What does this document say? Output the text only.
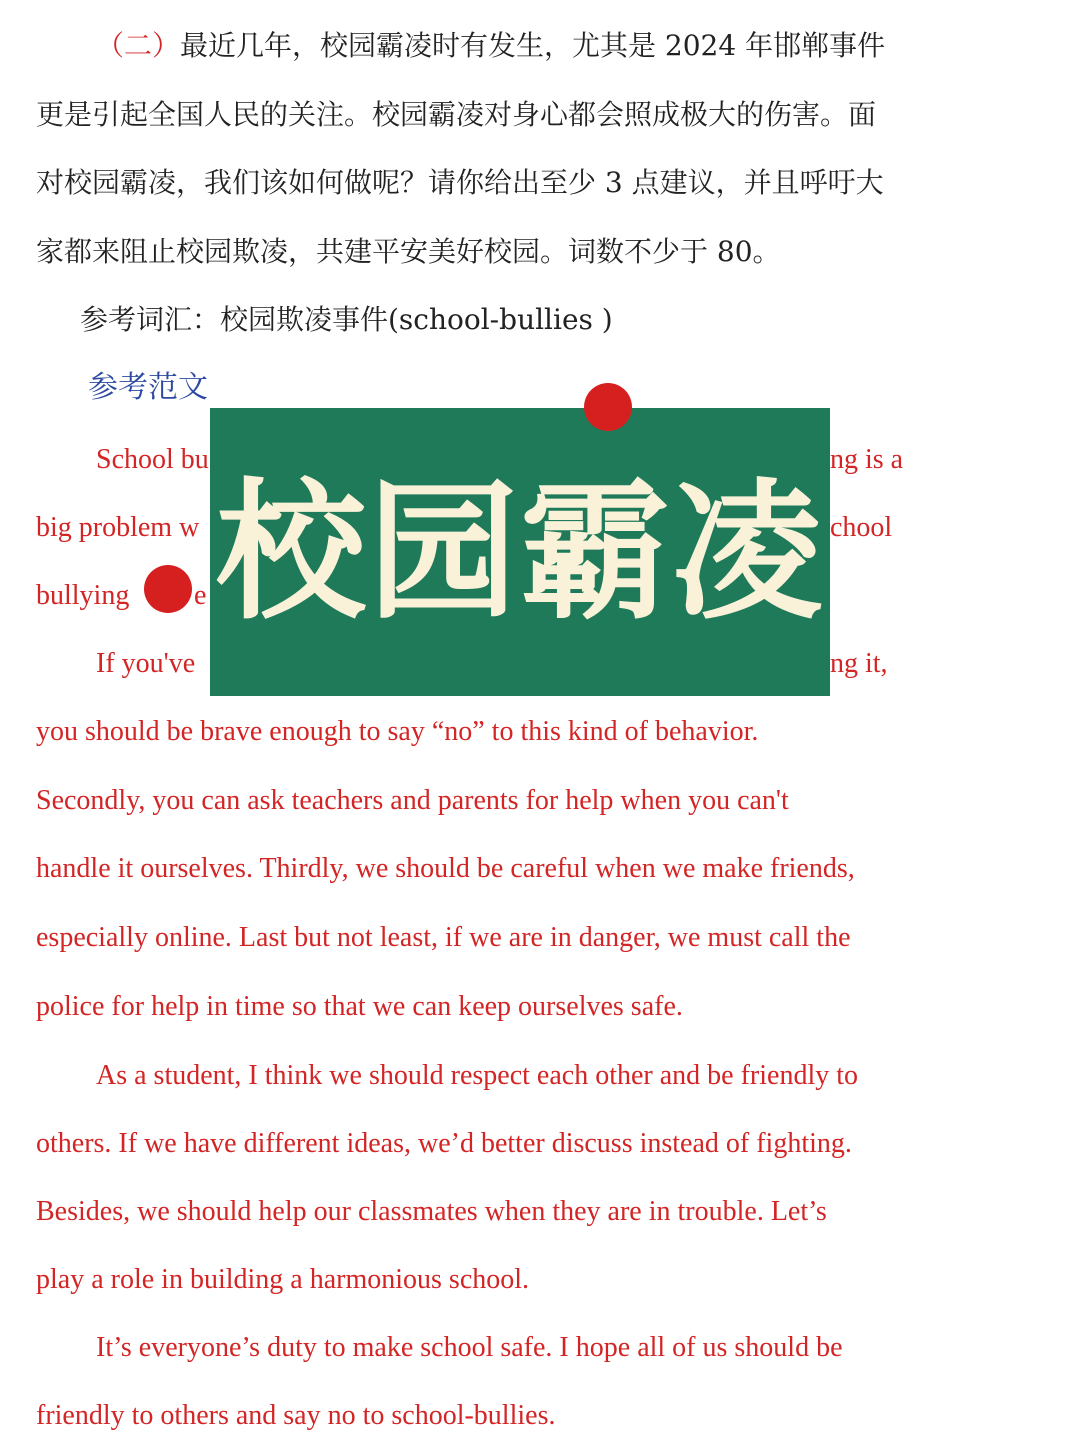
（二）最近几年，校园霸凌时有发生，尤其是 2024 年邯郸事件
更是引起全国人民的关注。校园霸凌对身心都会照成极大的伤害。面
对校园霸凌，我们该如何做呢？请你给出至少 3 点建议，并且呼吁大
家都来阻止校园欺凌，共建平安美好校园。词数不少于 80。
参考词汇：校园欺凌事件(school-bullies )
参考范文
School bu	ng is a
big problem w	chool
bullying e
If you've	ng it,
you should be brave enough to say “no” to this kind of behavior.
Secondly, you can ask teachers and parents for help when you can't
handle it ourselves. Thirdly, we should be careful when we make friends,
especially online. Last but not least, if we are in danger, we must call the
police for help in time so that we can keep ourselves safe.
As a student, I think we should respect each other and be friendly to
others. If we have different ideas, we’d better discuss instead of fighting.
Besides, we should help our classmates when they are in trouble. Let’s
play a role in building a harmonious school.
It’s everyone’s duty to make school safe. I hope all of us should be
friendly to others and say no to school-bullies.
校园霸凌
